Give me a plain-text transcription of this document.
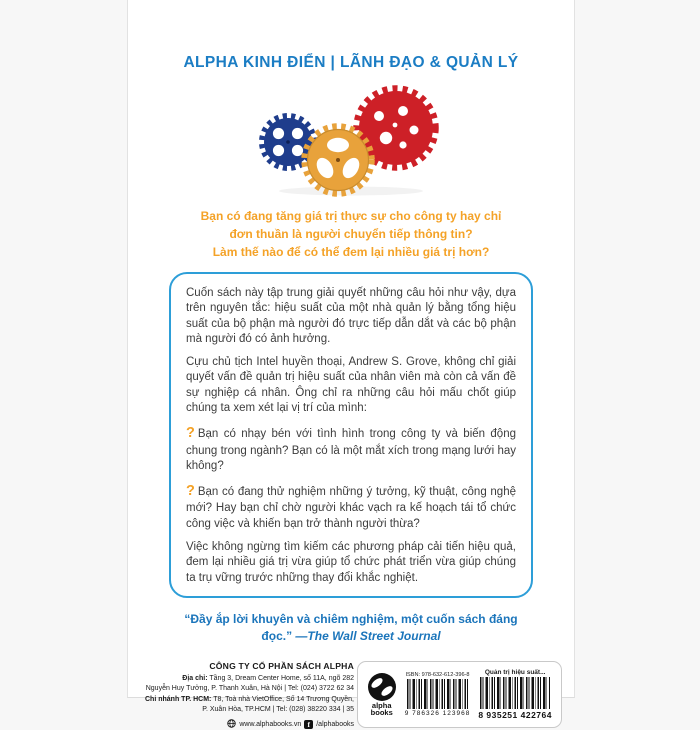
ALPHA KINH ĐIỂN | LÃNH ĐẠO & QUẢN LÝ
Bạn có đang tăng giá trị thực sự cho công ty hay chỉ
đơn thuần là người chuyển tiếp thông tin?
Làm thế nào để có thể đem lại nhiều giá trị hơn?

Cuốn sách này tập trung giải quyết những câu hỏi như vậy, dựa trên nguyên tắc: hiệu suất của một nhà quản lý bằng tổng hiệu suất của bộ phận mà người đó trực tiếp dẫn dắt và các bộ phận mà người đó có ảnh hưởng.

Cựu chủ tịch Intel huyền thoại, Andrew S. Grove, không chỉ giải quyết vấn đề quản trị hiệu suất của nhân viên mà còn cả vấn đề sự nghiệp cá nhân. Ông chỉ ra những câu hỏi mấu chốt giúp chúng ta xem xét lại vị trí của mình:

? Bạn có nhạy bén với tình hình trong công ty và biến động chung trong ngành? Bạn có là một mắt xích trong mạng lưới hay không?

? Bạn có đang thử nghiệm những ý tưởng, kỹ thuật, công nghệ mới? Hay bạn chỉ chờ người khác vạch ra kế hoạch tái tổ chức công việc và khiến bạn trở thành người thừa?

Việc không ngừng tìm kiếm các phương pháp cải tiến hiệu quả, đem lại nhiều giá trị vừa giúp tổ chức phát triển vừa giúp chúng ta trụ vững trước những thay đổi khắc nghiệt.

“Đầy ắp lời khuyên và chiêm nghiệm, một cuốn sách đáng đọc.” —The Wall Street Journal
CÔNG TY CỔ PHẦN SÁCH ALPHA
Địa chỉ: Tầng 3, Dream Center Home, số 11A, ngõ 282
Nguyễn Huy Tưởng, P. Thanh Xuân, Hà Nội | Tel: (024) 3722 62 34
Chi nhánh TP. HCM: T8, Toà nhà VietOffice, Số 14 Trương Quyền,
P. Xuân Hòa, TP.HCM | Tel: (028) 38220 334 | 35
www.alphabooks.vn f /alphabooks
alpha
books
ISBN: 978-632-612-396-8
9 786326 123968
Quản trị hiệu suất...
8 935251 422764
